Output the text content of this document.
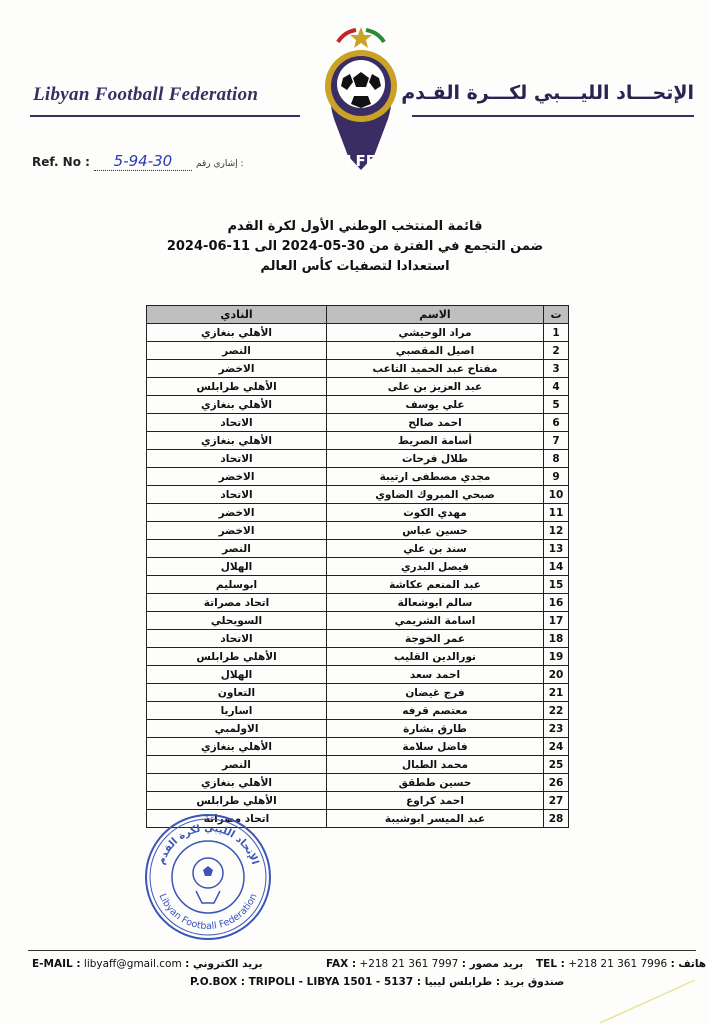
Libyan Football Federation	الإتحـــاد الليـــبي لكـــرة القـدم
LFF
Ref. No : 5-94-30	إشاري رقم :
قائمة المنتخب الوطني الأول لكرة القدم
ضمن التجمع في الفترة من 30-05-2024 الى 11-06-2024
استعدادا لتصفيات كأس العالم
ت	الاسم	النادي
1	مراد الوحيشي	الأهلي بنغازي
2	اصيل المقصبي	النصر
3	مفتاح عبد الحميد التاعب	الاخضر
4	عبد العزيز بن على	الأهلي طرابلس
5	علي يوسف	الأهلي بنغازي
6	احمد صالح	الاتحاد
7	أسامة الصريط	الأهلي بنغازي
8	طلال فرحات	الاتحاد
9	مجدي مصطفى ارتيبة	الاخضر
10	صبحي المبروك الضاوي	الاتحاد
11	مهدي الكوت	الاخضر
12	حسين عباس	الاخضر
13	سند بن علي	النصر
14	فيصل البدري	الهلال
15	عبد المنعم عكاشة	ابوسليم
16	سالم ابوشعالة	اتحاد مصراتة
17	اسامة الشريمي	السويحلي
18	عمر الخوجة	الاتحاد
19	نورالدين القليب	الأهلي طرابلس
20	احمد سعد	الهلال
21	فرج غيضان	التعاون
22	معتصم قرفه	اساريا
23	طارق بشارة	الاولمبي
24	فاضل سلامة	الأهلي بنغازي
25	محمد الطبال	النصر
26	حسين ططقق	الأهلي بنغازي
27	احمد كراوع	الأهلي طرابلس
28	عبد الميسر ابوشيبة	اتحاد مصراتة
الإتحاد الليبي لكرة القدم
Libyan Football Federation
E-MAIL : libyaff@gmail.com : بريد الكتروني	FAX : +218 21 361 7997 : بريد مصور TEL : +218 21 361 7996 : هاتف
P.O.BOX : TRIPOLI - LIBYA 1501 - 5137 : صندوق بريد : طرابلس ليبيا
